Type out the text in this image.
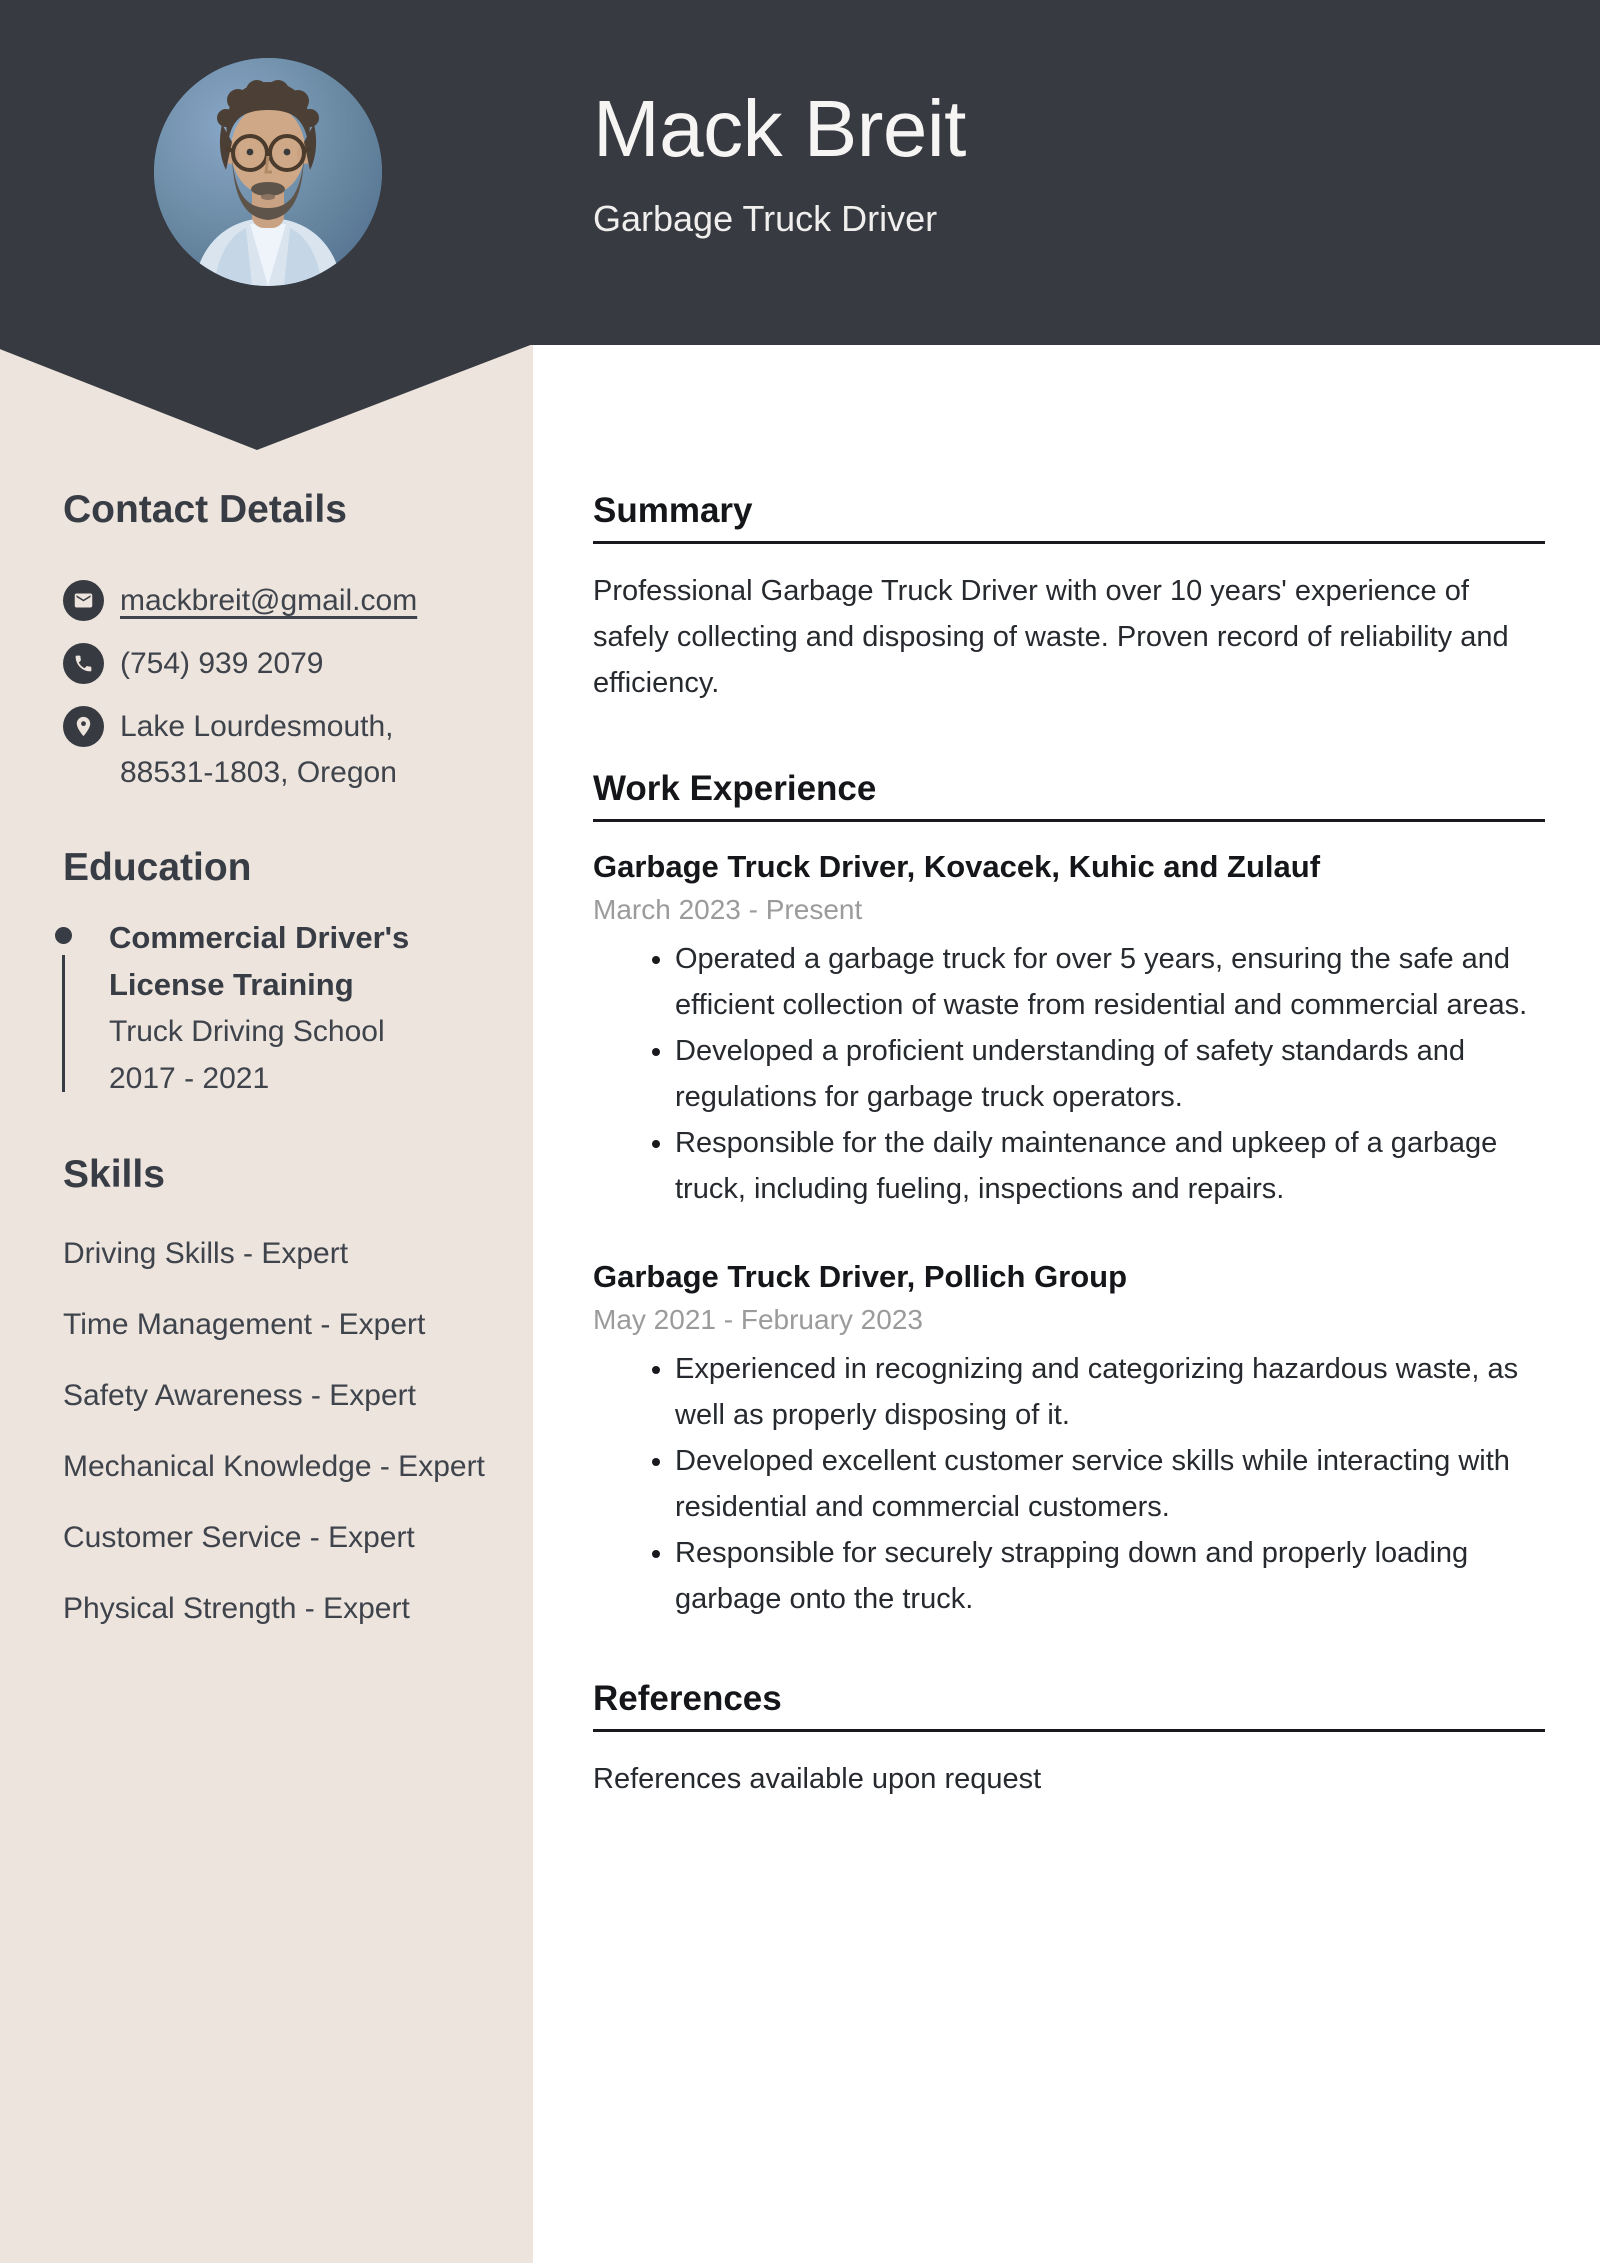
Mack Breit
Garbage Truck Driver
Contact Details
mackbreit@gmail.com
(754) 939 2079
Lake Lourdesmouth, 88531-1803, Oregon
Education
Commercial Driver's License Training
Truck Driving School
2017 - 2021
Skills
Driving Skills - Expert
Time Management - Expert
Safety Awareness - Expert
Mechanical Knowledge - Expert
Customer Service - Expert
Physical Strength - Expert
Summary

Professional Garbage Truck Driver with over 10 years' experience of safely collecting and disposing of waste. Proven record of reliability and efficiency.

Work Experience
Garbage Truck Driver, Kovacek, Kuhic and Zulauf
March 2023 - Present
• Operated a garbage truck for over 5 years, ensuring the safe and efficient collection of waste from residential and commercial areas.
• Developed a proficient understanding of safety standards and regulations for garbage truck operators.
• Responsible for the daily maintenance and upkeep of a garbage truck, including fueling, inspections and repairs.
Garbage Truck Driver, Pollich Group
May 2021 - February 2023
• Experienced in recognizing and categorizing hazardous waste, as well as properly disposing of it.
• Developed excellent customer service skills while interacting with residential and commercial customers.
• Responsible for securely strapping down and properly loading garbage onto the truck.
References

References available upon request
